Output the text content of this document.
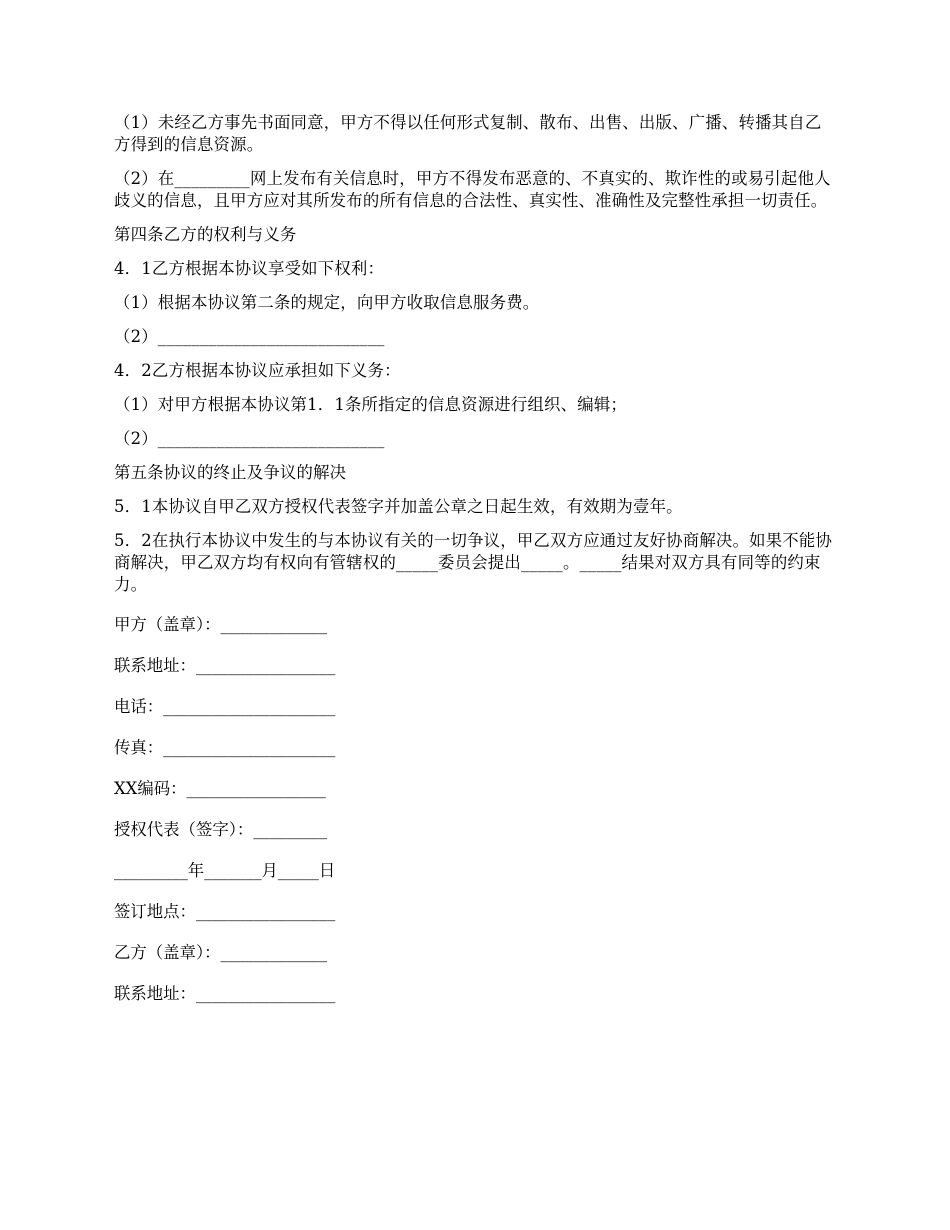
（1）未经乙方事先书面同意，甲方不得以任何形式复制、散布、出售、出版、广播、转播其自乙方得到的信息资源。

（2）在_________网上发布有关信息时，甲方不得发布恶意的、不真实的、欺诈性的或易引起他人歧义的信息，且甲方应对其所发布的所有信息的合法性、真实性、准确性及完整性承担一切责任。

第四条乙方的权利与义务

4．1乙方根据本协议享受如下权利：

（1）根据本协议第二条的规定，向甲方收取信息服务费。

（2）___________________________

4．2乙方根据本协议应承担如下义务：

（1）对甲方根据本协议第1．1条所指定的信息资源进行组织、编辑；

（2）___________________________

第五条协议的终止及争议的解决

5．1本协议自甲乙双方授权代表签字并加盖公章之日起生效，有效期为壹年。

5．2在执行本协议中发生的与本协议有关的一切争议，甲乙双方应通过友好协商解决。如果不能协商解决，甲乙双方均有权向有管辖权的_____委员会提出_____。_____结果对双方具有同等的约束力。

甲方（盖章）：_____________
联系地址：_________________
电话：_____________________
传真：_____________________
XX编码：_________________
授权代表（签字）：_________
_________年_______月_____日
签订地点：_________________
乙方（盖章）：_____________
联系地址：_________________
